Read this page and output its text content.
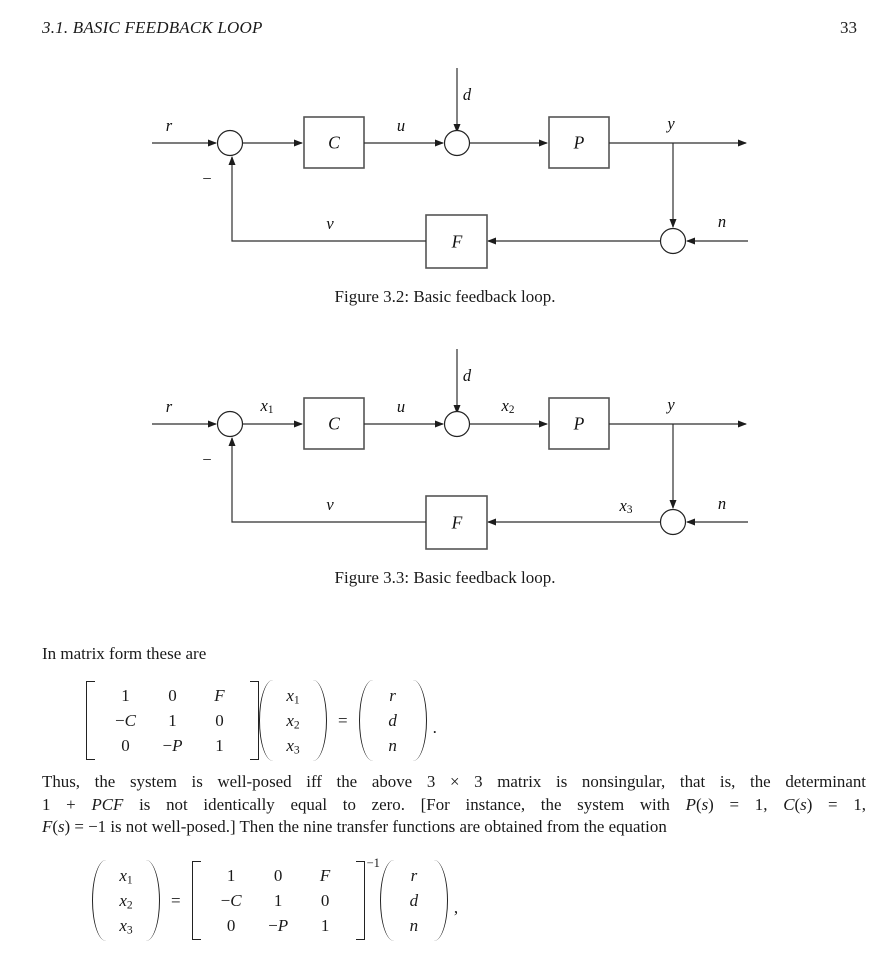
3.1. BASIC FEEDBACK LOOP	33
r	u
d
y
n
v
−
C	P
F
Figure 3.2: Basic feedback loop.
r	x1	u
d
x2	y
x3	n
v
−
C	P
F
Figure 3.3: Basic feedback loop.
In matrix form these are
1	0	F
−C	1	0
0	−P	1
x1
x2
x3
=
r
d
n
.
Thus, the system is well-posed iff the above 3 × 3 matrix is nonsingular, that is, the determinant
1 + PCF is not identically equal to zero. [For instance, the system with P(s) = 1, C(s) = 1,
F(s) = −1 is not well-posed.] Then the nine transfer functions are obtained from the equation
x1
x2
x3
=
1	0	F
−C	1	0
0	−P	1
−1
r
d
n
,
